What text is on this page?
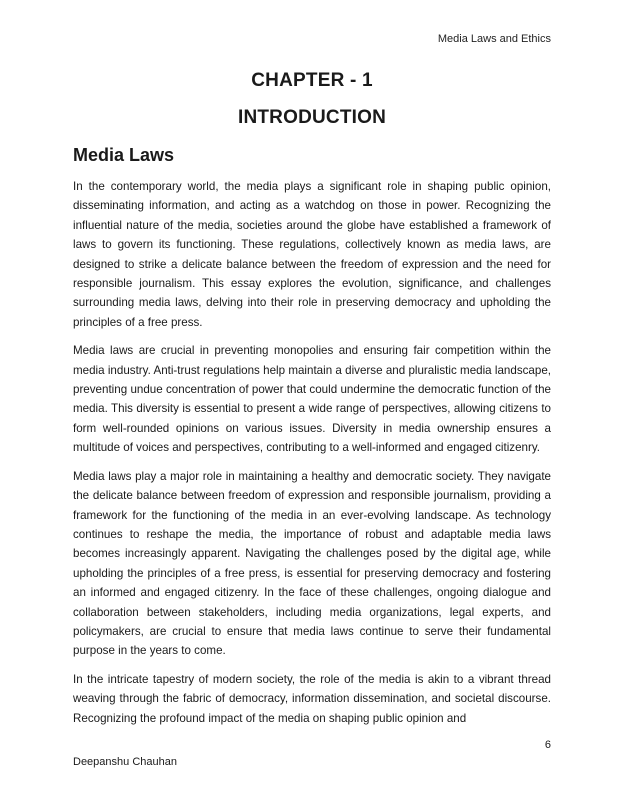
Media Laws and Ethics
CHAPTER - 1
INTRODUCTION
Media Laws

In the contemporary world, the media plays a significant role in shaping public opinion, disseminating information, and acting as a watchdog on those in power. Recognizing the influential nature of the media, societies around the globe have established a framework of laws to govern its functioning. These regulations, collectively known as media laws, are designed to strike a delicate balance between the freedom of expression and the need for responsible journalism. This essay explores the evolution, significance, and challenges surrounding media laws, delving into their role in preserving democracy and upholding the principles of a free press.

Media laws are crucial in preventing monopolies and ensuring fair competition within the media industry. Anti-trust regulations help maintain a diverse and pluralistic media landscape, preventing undue concentration of power that could undermine the democratic function of the media. This diversity is essential to present a wide range of perspectives, allowing citizens to form well-rounded opinions on various issues. Diversity in media ownership ensures a multitude of voices and perspectives, contributing to a well-informed and engaged citizenry.

Media laws play a major role in maintaining a healthy and democratic society. They navigate the delicate balance between freedom of expression and responsible journalism, providing a framework for the functioning of the media in an ever-evolving landscape. As technology continues to reshape the media, the importance of robust and adaptable media laws becomes increasingly apparent. Navigating the challenges posed by the digital age, while upholding the principles of a free press, is essential for preserving democracy and fostering an informed and engaged citizenry. In the face of these challenges, ongoing dialogue and collaboration between stakeholders, including media organizations, legal experts, and policymakers, are crucial to ensure that media laws continue to serve their fundamental purpose in the years to come.

In the intricate tapestry of modern society, the role of the media is akin to a vibrant thread weaving through the fabric of democracy, information dissemination, and societal discourse. Recognizing the profound impact of the media on shaping public opinion and

6
Deepanshu Chauhan
